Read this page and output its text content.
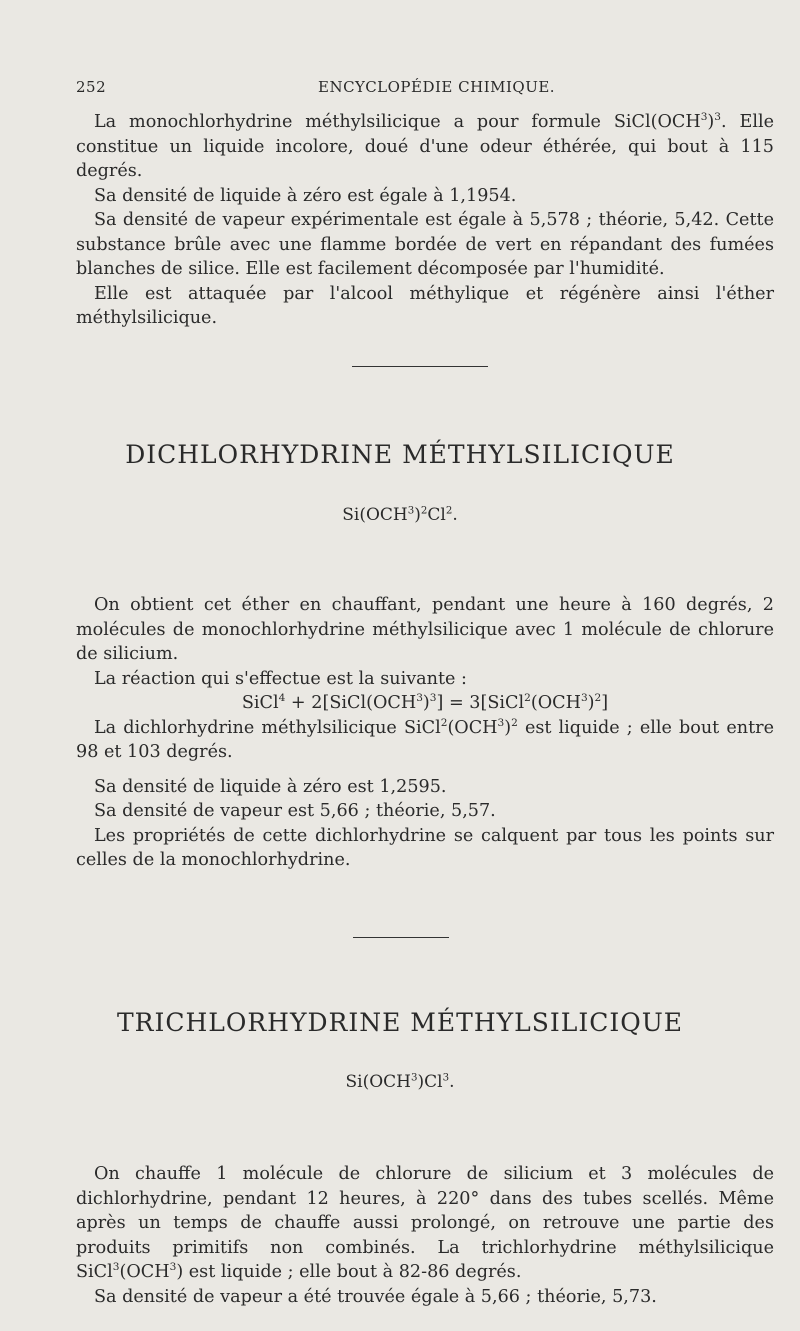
252	ENCYCLOPÉDIE CHIMIQUE.

La monochlorhydrine méthylsilicique a pour formule $SiCl(OCH^3)^3$. Elle constitue un liquide incolore, doué d'une odeur éthérée, qui bout à 115 degrés.

Sa densité de liquide à zéro est égale à 1,1954.

Sa densité de vapeur expérimentale est égale à 5,578 ; théorie, 5,42. Cette substance brûle avec une flamme bordée de vert en répandant des fumées blanches de silice. Elle est facilement décomposée par l'humidité.

Elle est attaquée par l'alcool méthylique et régénère ainsi l'éther méthylsilicique.

DICHLORHYDRINE MÉTHYLSILICIQUE
$Si(OCH^3)^2Cl^2$.

On obtient cet éther en chauffant, pendant une heure à 160 degrés, 2 molécules de monochlorhydrine méthylsilicique avec 1 molécule de chlorure de silicium.

La réaction qui s'effectue est la suivante :

SiCl$^4$ + $2[SiCl(OCH^3)^3]$ = $3[SiCl^2(OCH^3)^2]$

La dichlorhydrine méthylsilicique $SiCl^2(OCH^3)^2$ est liquide ; elle bout entre 98 et 103 degrés.

Sa densité de liquide à zéro est 1,2595.

Sa densité de vapeur est 5,66 ; théorie, 5,57.

Les propriétés de cette dichlorhydrine se calquent par tous les points sur celles de la monochlorhydrine.

TRICHLORHYDRINE MÉTHYLSILICIQUE
Si(OCH$^3$)Cl$^3$.

On chauffe 1 molécule de chlorure de silicium et 3 molécules de dichlorhydrine, pendant 12 heures, à 220° dans des tubes scellés. Même après un temps de chauffe aussi prolongé, on retrouve une partie des produits primitifs non combinés. La trichlorhydrine méthylsilicique SiCl$^3$(OCH$^3$) est liquide ; elle bout à 82-86 degrés.

Sa densité de vapeur a été trouvée égale à 5,66 ; théorie, 5,73.
